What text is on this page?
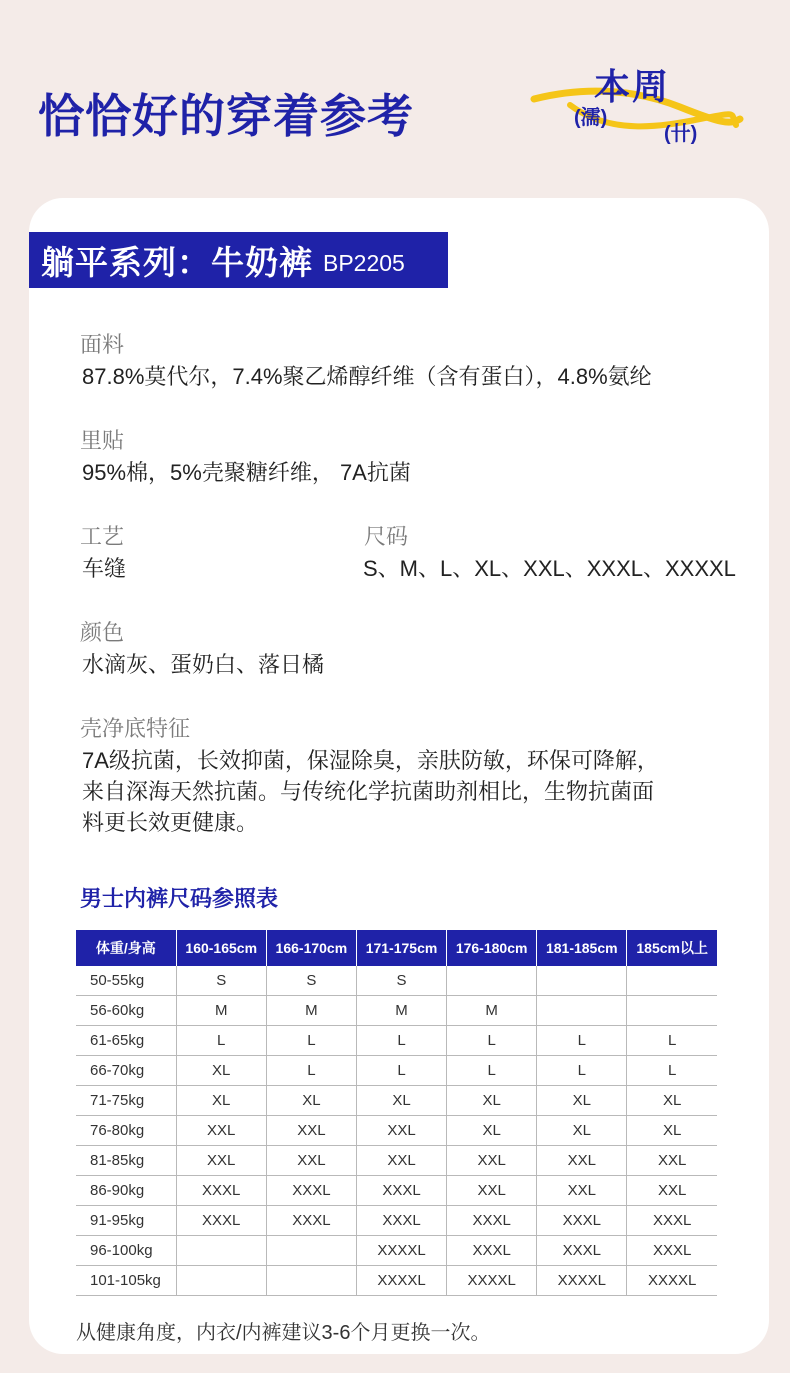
恰恰好的穿着参考
本周
(濡)
(卄)
躺平系列：牛奶裤 BP2205
面料
87.8%莫代尔，7.4%聚乙烯醇纤维（含有蛋白），4.8%氨纶
里贴
95%棉，5%壳聚糖纤维， 7A抗菌
工艺
车缝
尺码
S、M、L、XL、XXL、XXXL、XXXXL
颜色
水滴灰、蛋奶白、落日橘
壳净底特征
7A级抗菌，长效抑菌，保湿除臭，亲肤防敏，环保可降解，
来自深海天然抗菌。与传统化学抗菌助剂相比，生物抗菌面
料更长效更健康。
男士内裤尺码参照表
体重/身高	160-165cm	166-170cm	171-175cm	176-180cm	181-185cm	185cm以上
50-55kg	S	S	S			
56-60kg	M	M	M	M		
61-65kg	L	L	L	L	L	L
66-70kg	XL	L	L	L	L	L
71-75kg	XL	XL	XL	XL	XL	XL
76-80kg	XXL	XXL	XXL	XL	XL	XL
81-85kg	XXL	XXL	XXL	XXL	XXL	XXL
86-90kg	XXXL	XXXL	XXXL	XXL	XXL	XXL
91-95kg	XXXL	XXXL	XXXL	XXXL	XXXL	XXXL
96-100kg			XXXXL	XXXL	XXXL	XXXL
101-105kg			XXXXL	XXXXL	XXXXL	XXXXL
从健康角度，内衣/内裤建议3-6个月更换一次。
